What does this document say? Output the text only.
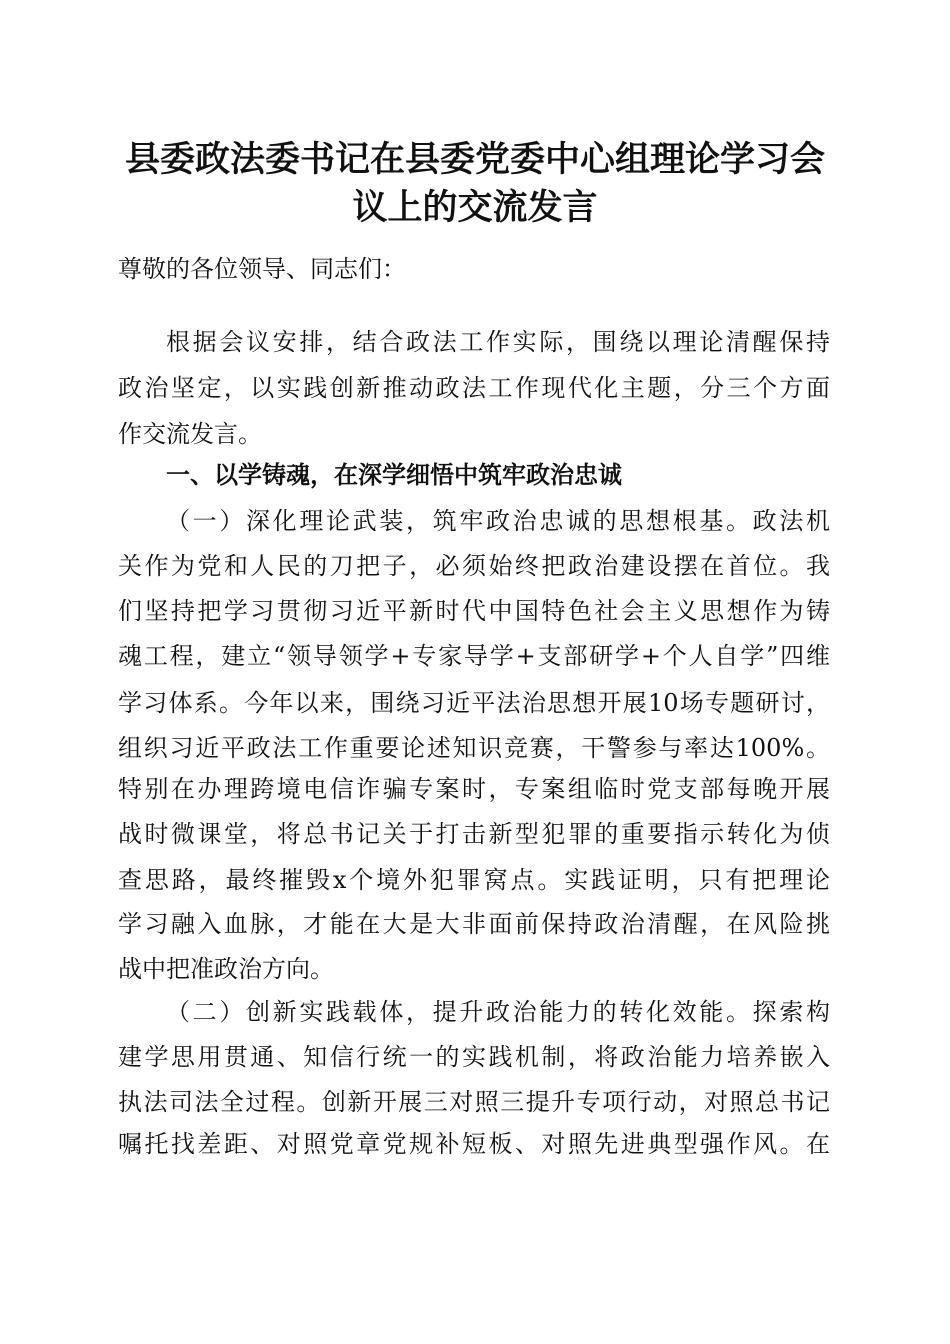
县委政法委书记在县委党委中心组理论学习会
议上的交流发言

尊敬的各位领导、同志们：

根据会议安排，结合政法工作实际，围绕以理论清醒保持

政治坚定，以实践创新推动政法工作现代化主题，分三个方面

作交流发言。

一、以学铸魂，在深学细悟中筑牢政治忠诚

（一）深化理论武装，筑牢政治忠诚的思想根基。政法机

关作为党和人民的刀把子，必须始终把政治建设摆在首位。我

们坚持把学习贯彻习近平新时代中国特色社会主义思想作为铸

魂工程，建立“领导领学+专家导学+支部研学+个人自学”四维

学习体系。今年以来，围绕习近平法治思想开展10场专题研讨，

组织习近平政法工作重要论述知识竞赛，干警参与率达100%。

特别在办理跨境电信诈骗专案时，专案组临时党支部每晚开展

战时微课堂，将总书记关于打击新型犯罪的重要指示转化为侦

查思路，最终摧毁x个境外犯罪窝点。实践证明，只有把理论

学习融入血脉，才能在大是大非面前保持政治清醒，在风险挑

战中把准政治方向。

（二）创新实践载体，提升政治能力的转化效能。探索构

建学思用贯通、知信行统一的实践机制，将政治能力培养嵌入

执法司法全过程。创新开展三对照三提升专项行动，对照总书记

嘱托找差距、对照党章党规补短板、对照先进典型强作风。在
